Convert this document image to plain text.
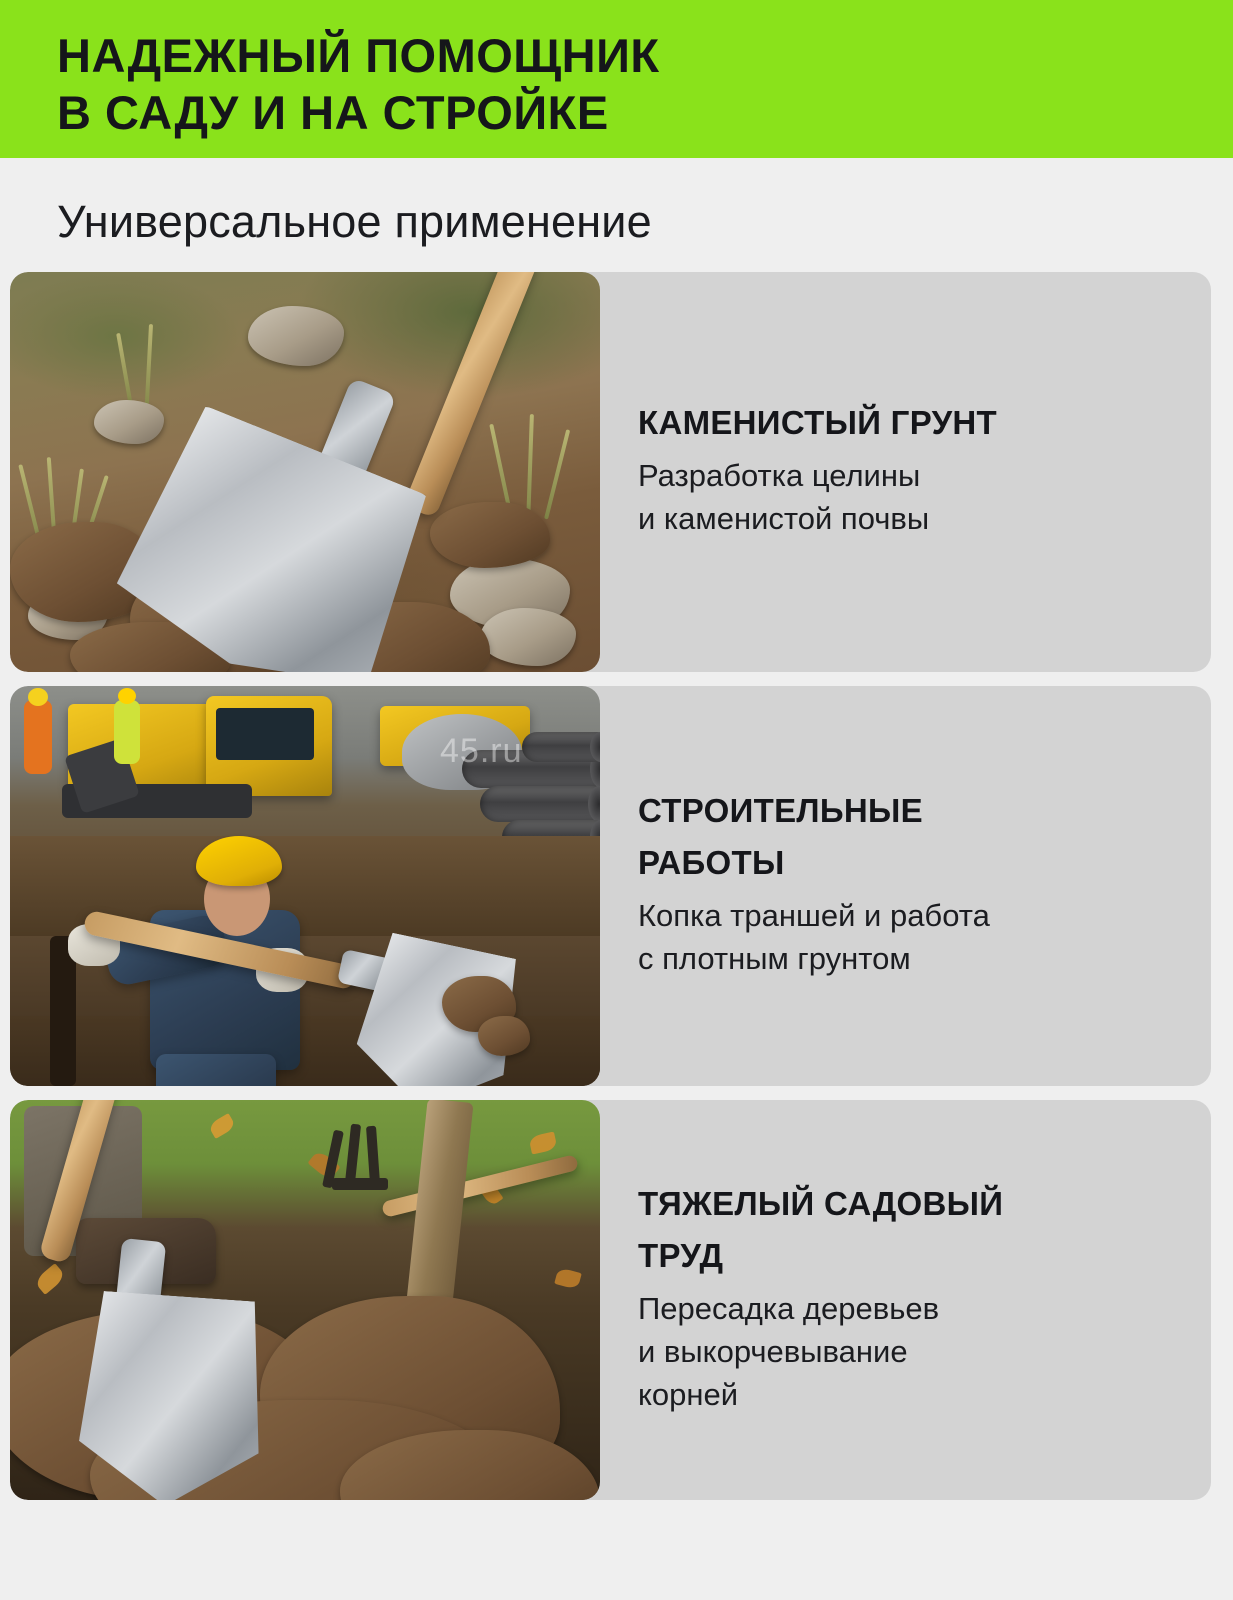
НАДЕЖНЫЙ ПОМОЩНИК
В САДУ И НА СТРОЙКЕ
Универсальное применение
КАМЕНИСТЫЙ ГРУНТ
Разработка целины
и каменистой почвы
45.ru
СТРОИТЕЛЬНЫЕ
РАБОТЫ
Копка траншей и работа
с плотным грунтом
ТЯЖЕЛЫЙ САДОВЫЙ
ТРУД
Пересадка деревьев
и выкорчевывание
корней
